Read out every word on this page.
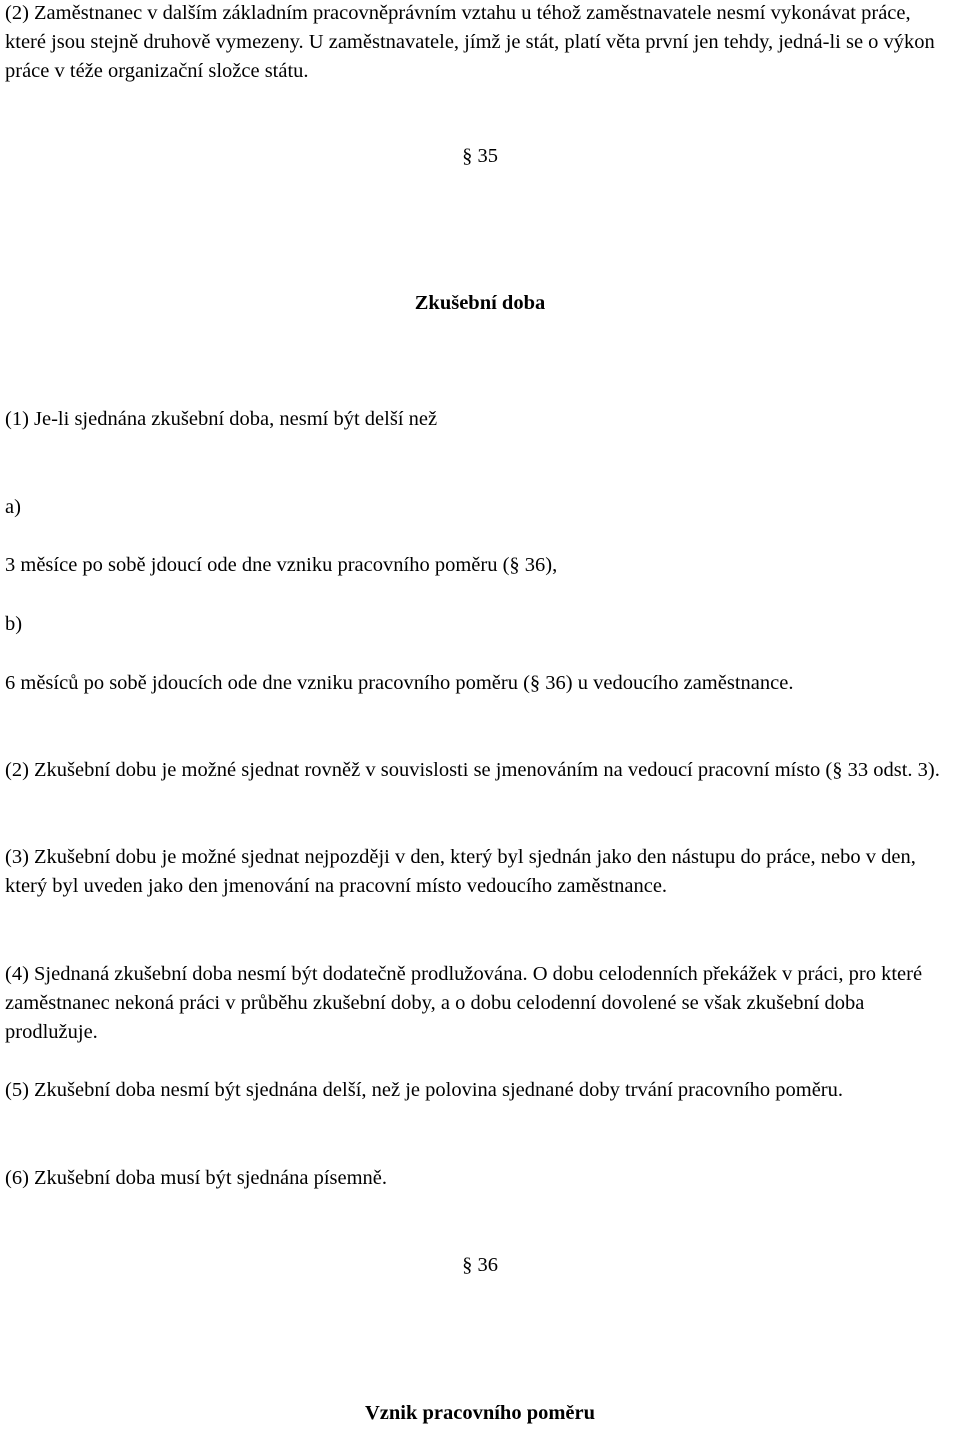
(2) Zaměstnanec v dalším základním pracovněprávním vztahu u téhož zaměstnavatele nesmí vykonávat práce, které jsou stejně druhově vymezeny. U zaměstnavatele, jímž je stát, platí věta první jen tehdy, jedná-li se o výkon práce v téže organizační složce státu.

§ 35

Zkušební doba

(1) Je-li sjednána zkušební doba, nesmí být delší než

a)

3 měsíce po sobě jdoucí ode dne vzniku pracovního poměru (§ 36),

b)

6 měsíců po sobě jdoucích ode dne vzniku pracovního poměru (§ 36) u vedoucího zaměstnance.

(2) Zkušební dobu je možné sjednat rovněž v souvislosti se jmenováním na vedoucí pracovní místo (§ 33 odst. 3).

(3) Zkušební dobu je možné sjednat nejpozději v den, který byl sjednán jako den nástupu do práce, nebo v den, který byl uveden jako den jmenování na pracovní místo vedoucího zaměstnance.

(4) Sjednaná zkušební doba nesmí být dodatečně prodlužována. O dobu celodenních překážek v práci, pro které zaměstnanec nekoná práci v průběhu zkušební doby, a o dobu celodenní dovolené se však zkušební doba prodlužuje.

(5) Zkušební doba nesmí být sjednána delší, než je polovina sjednané doby trvání pracovního poměru.

(6) Zkušební doba musí být sjednána písemně.

§ 36

Vznik pracovního poměru
